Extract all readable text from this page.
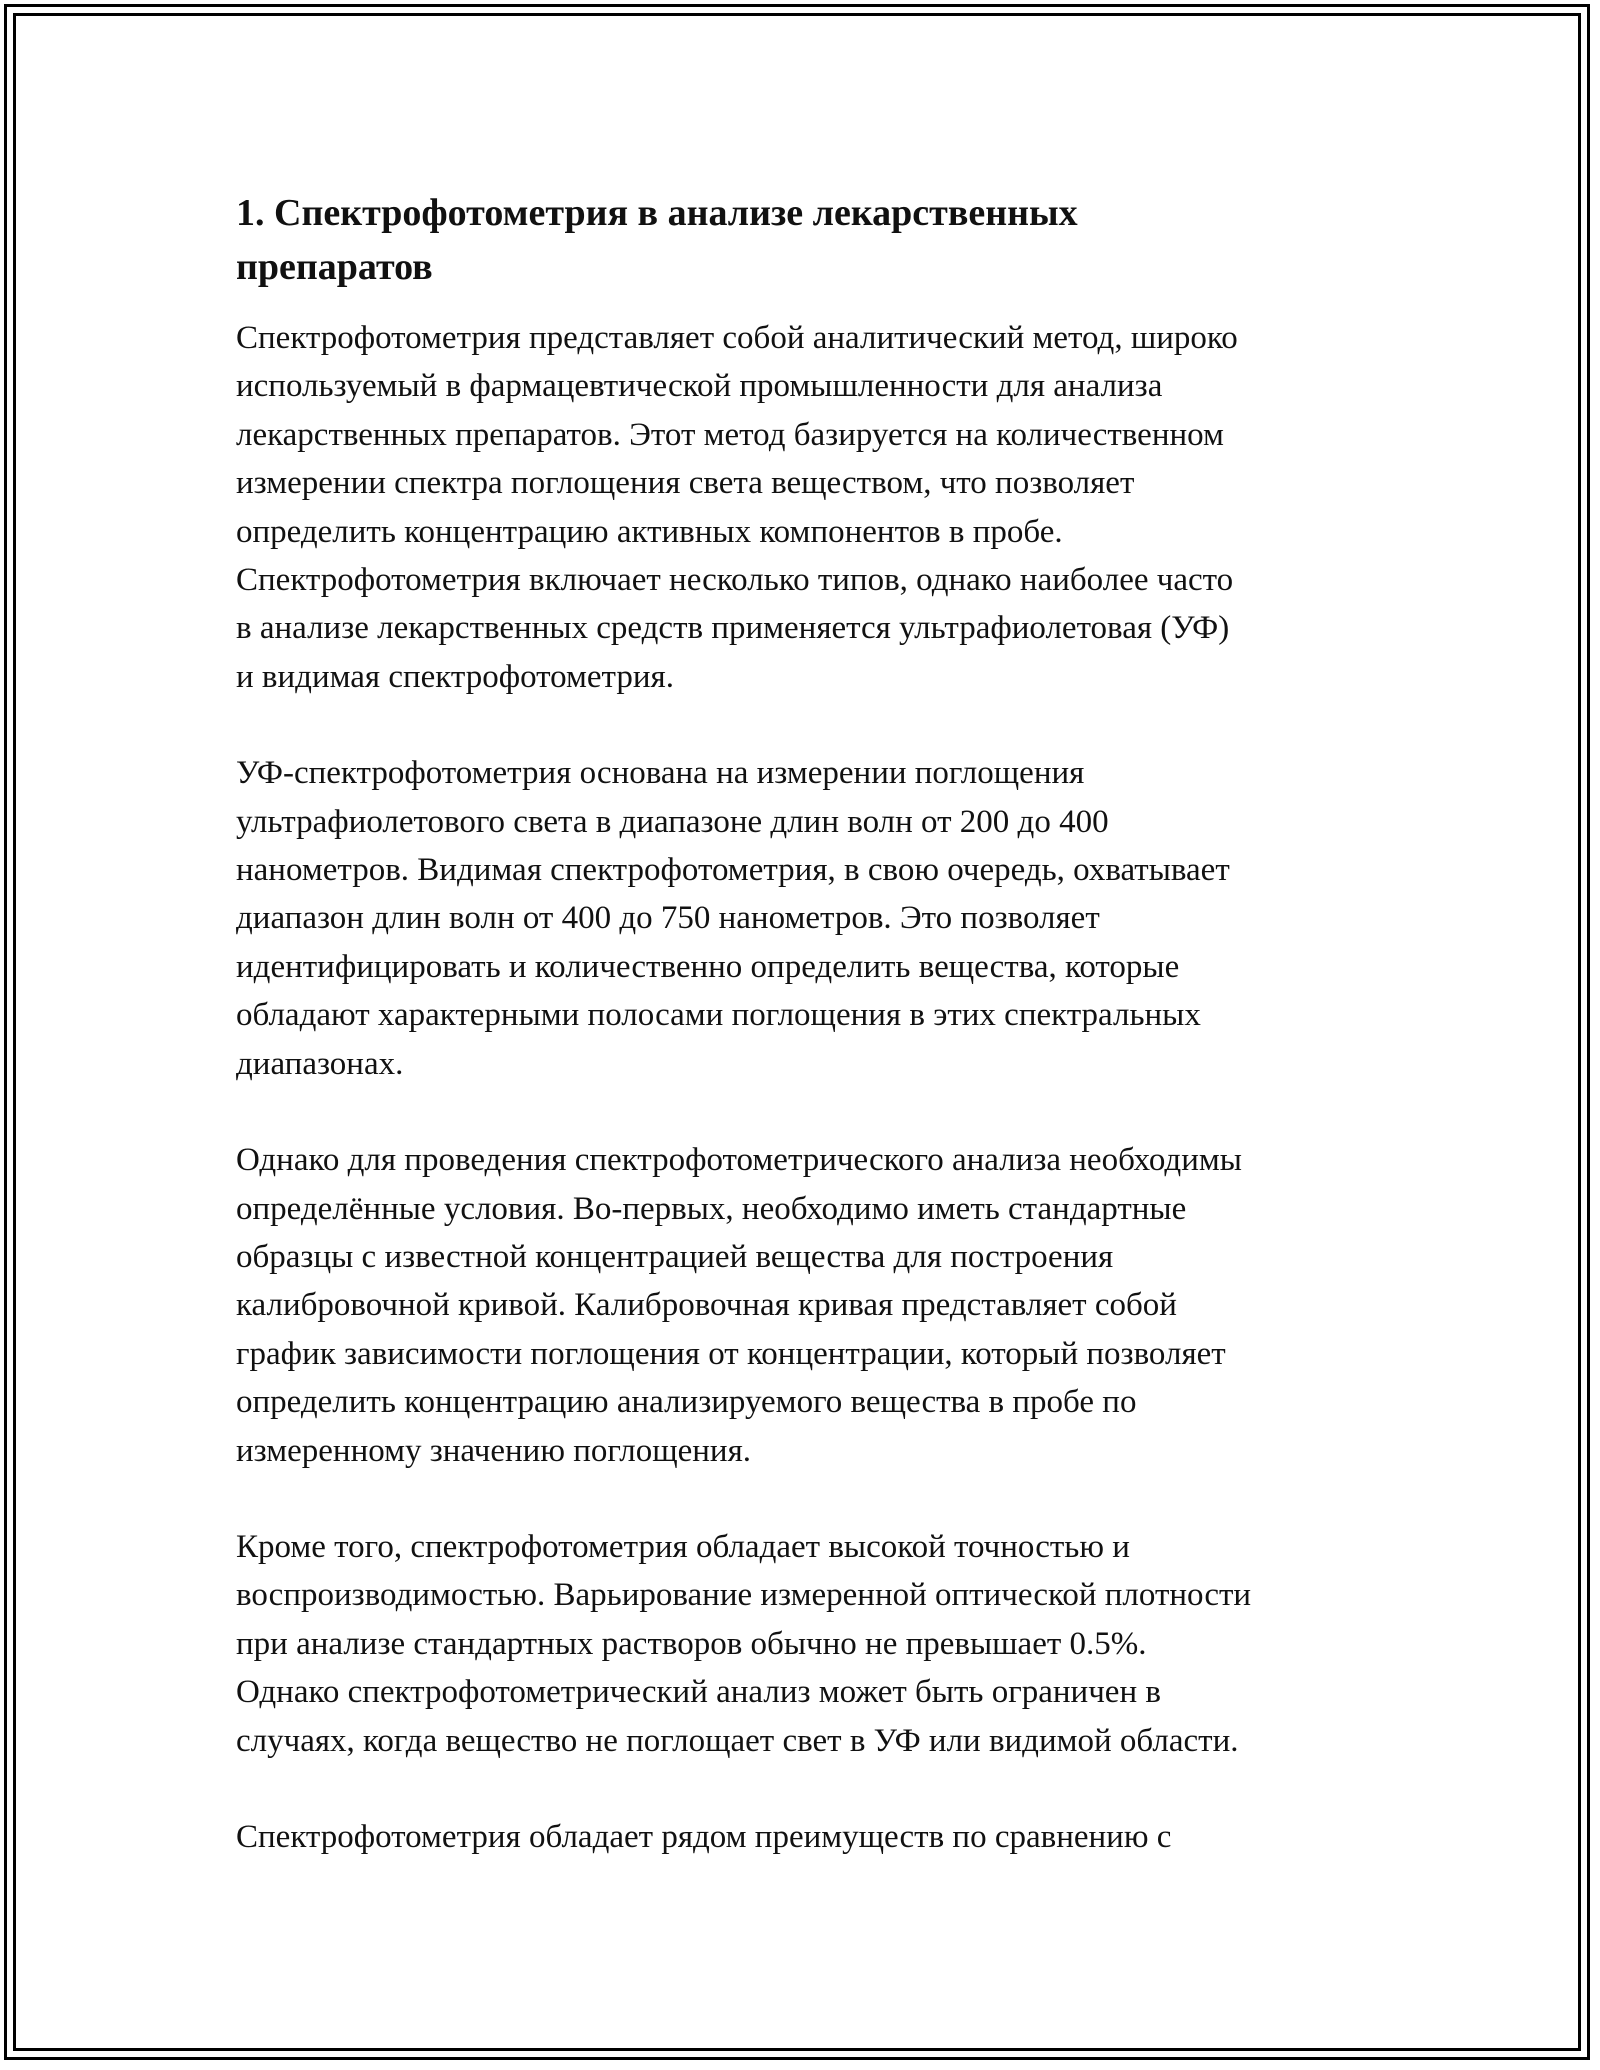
1. Спектрофотометрия в анализе лекарственных
препаратов

Спектрофотометрия представляет собой аналитический метод, широко
используемый в фармацевтической промышленности для анализа
лекарственных препаратов. Этот метод базируется на количественном
измерении спектра поглощения света веществом, что позволяет
определить концентрацию активных компонентов в пробе.
Спектрофотометрия включает несколько типов, однако наиболее часто
в анализе лекарственных средств применяется ультрафиолетовая (УФ)
и видимая спектрофотометрия.

УФ-спектрофотометрия основана на измерении поглощения
ультрафиолетового света в диапазоне длин волн от 200 до 400
нанометров. Видимая спектрофотометрия, в свою очередь, охватывает
диапазон длин волн от 400 до 750 нанометров. Это позволяет
идентифицировать и количественно определить вещества, которые
обладают характерными полосами поглощения в этих спектральных
диапазонах.

Однако для проведения спектрофотометрического анализа необходимы
определённые условия. Во-первых, необходимо иметь стандартные
образцы с известной концентрацией вещества для построения
калибровочной кривой. Калибровочная кривая представляет собой
график зависимости поглощения от концентрации, который позволяет
определить концентрацию анализируемого вещества в пробе по
измеренному значению поглощения.

Кроме того, спектрофотометрия обладает высокой точностью и
воспроизводимостью. Варьирование измеренной оптической плотности
при анализе стандартных растворов обычно не превышает 0.5%.
Однако спектрофотометрический анализ может быть ограничен в
случаях, когда вещество не поглощает свет в УФ или видимой области.

Спектрофотометрия обладает рядом преимуществ по сравнению с
